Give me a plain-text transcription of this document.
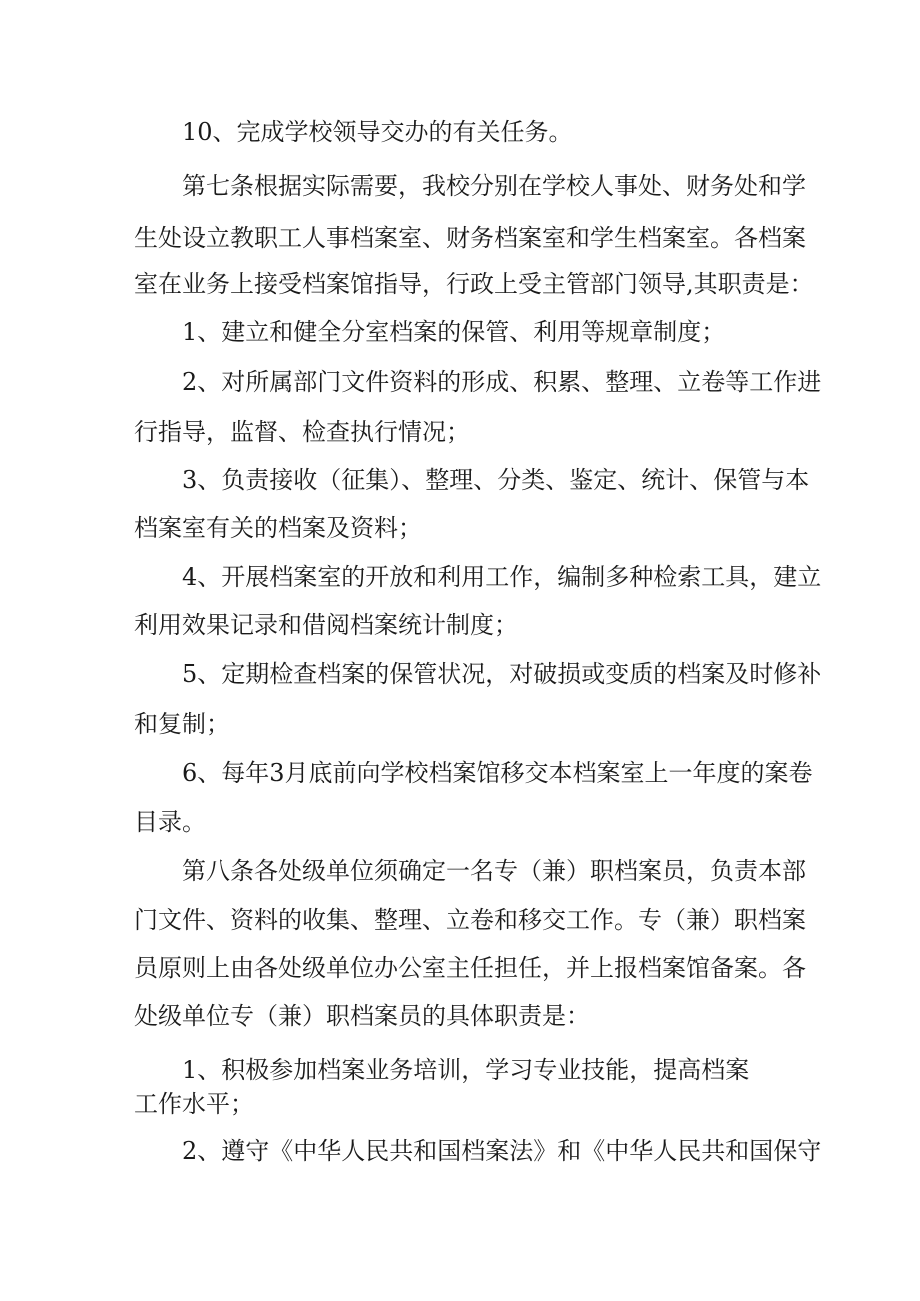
10、完成学校领导交办的有关任务。

第七条根据实际需要，我校分别在学校人事处、财务处和学

生处设立教职工人事档案室、财务档案室和学生档案室。各档案

室在业务上接受档案馆指导，行政上受主管部门领导,其职责是：

1、建立和健全分室档案的保管、利用等规章制度；

2、对所属部门文件资料的形成、积累、整理、立卷等工作进

行指导，监督、检查执行情况；

3、负责接收（征集）、整理、分类、鉴定、统计、保管与本

档案室有关的档案及资料；

4、开展档案室的开放和利用工作，编制多种检索工具，建立

利用效果记录和借阅档案统计制度；

5、定期检查档案的保管状况，对破损或变质的档案及时修补

和复制；

6、每年3月底前向学校档案馆移交本档案室上一年度的案卷

目录。

第八条各处级单位须确定一名专（兼）职档案员，负责本部

门文件、资料的收集、整理、立卷和移交工作。专（兼）职档案

员原则上由各处级单位办公室主任担任，并上报档案馆备案。各

处级单位专（兼）职档案员的具体职责是：

1、积极参加档案业务培训，学习专业技能，提高档案

工作水平；

2、遵守《中华人民共和国档案法》和《中华人民共和国保守
